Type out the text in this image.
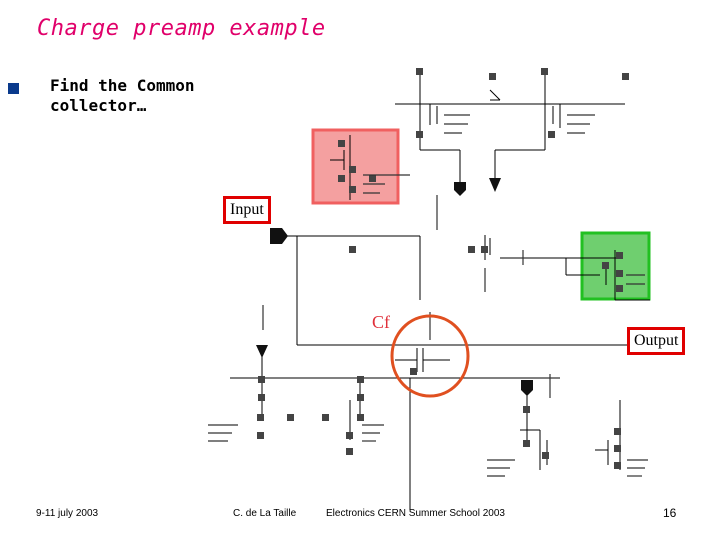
Charge preamp example
Find the Common collector…
Input
Output
Cf
9-11 july 2003	C. de La Taille	Electronics CERN Summer School 2003	16
